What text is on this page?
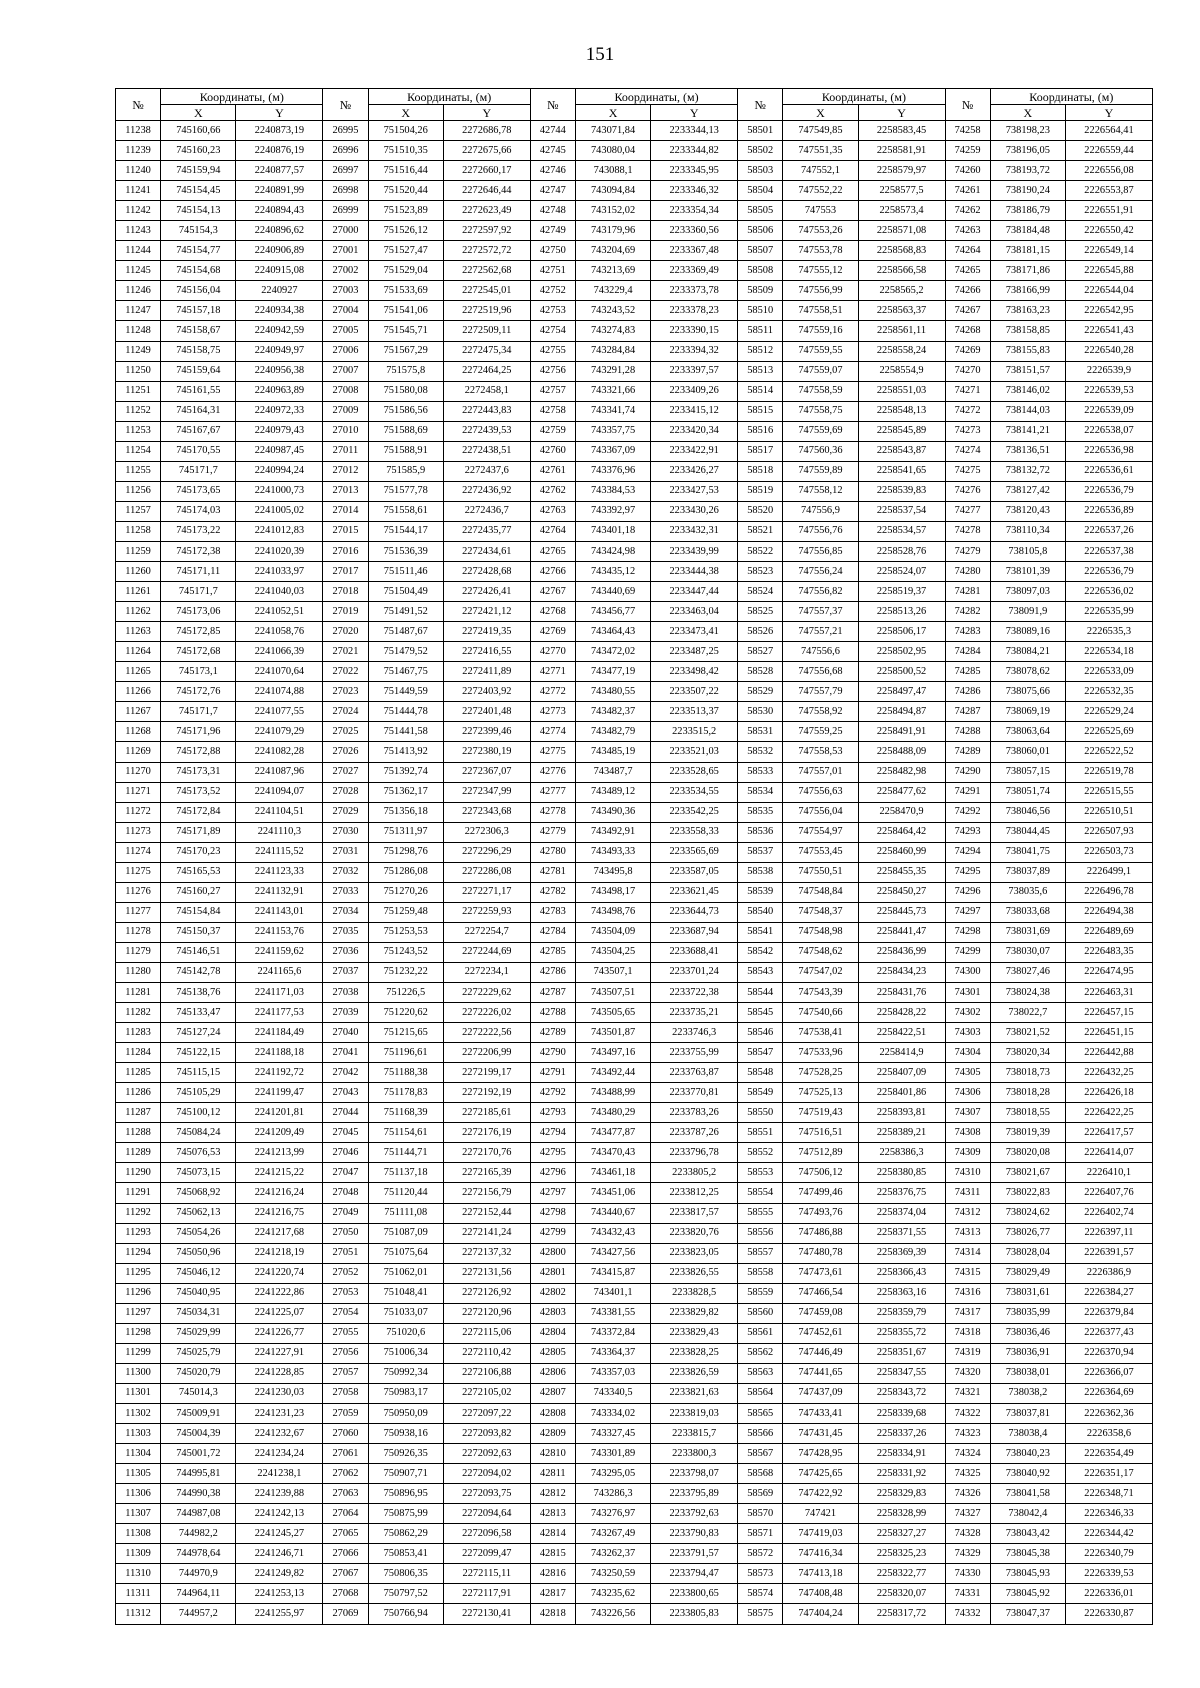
151
№	Координаты, (м)		№	Координаты, (м)		№	Координаты, (м)		№	Координаты, (м)		№	Координаты, (м)	
	X	Y		X	Y		X	Y		X	Y		X	Y
11238	745160,66	2240873,19	26995	751504,26	2272686,78	42744	743071,84	2233344,13	58501	747549,85	2258583,45	74258	738198,23	2226564,41
11239	745160,23	2240876,19	26996	751510,35	2272675,66	42745	743080,04	2233344,82	58502	747551,35	2258581,91	74259	738196,05	2226559,44
11240	745159,94	2240877,57	26997	751516,44	2272660,17	42746	743088,1	2233345,95	58503	747552,1	2258579,97	74260	738193,72	2226556,08
11241	745154,45	2240891,99	26998	751520,44	2272646,44	42747	743094,84	2233346,32	58504	747552,22	2258577,5	74261	738190,24	2226553,87
11242	745154,13	2240894,43	26999	751523,89	2272623,49	42748	743152,02	2233354,34	58505	747553	2258573,4	74262	738186,79	2226551,91
11243	745154,3	2240896,62	27000	751526,12	2272597,92	42749	743179,96	2233360,56	58506	747553,26	2258571,08	74263	738184,48	2226550,42
11244	745154,77	2240906,89	27001	751527,47	2272572,72	42750	743204,69	2233367,48	58507	747553,78	2258568,83	74264	738181,15	2226549,14
11245	745154,68	2240915,08	27002	751529,04	2272562,68	42751	743213,69	2233369,49	58508	747555,12	2258566,58	74265	738171,86	2226545,88
11246	745156,04	2240927	27003	751533,69	2272545,01	42752	743229,4	2233373,78	58509	747556,99	2258565,2	74266	738166,99	2226544,04
11247	745157,18	2240934,38	27004	751541,06	2272519,96	42753	743243,52	2233378,23	58510	747558,51	2258563,37	74267	738163,23	2226542,95
11248	745158,67	2240942,59	27005	751545,71	2272509,11	42754	743274,83	2233390,15	58511	747559,16	2258561,11	74268	738158,85	2226541,43
11249	745158,75	2240949,97	27006	751567,29	2272475,34	42755	743284,84	2233394,32	58512	747559,55	2258558,24	74269	738155,83	2226540,28
11250	745159,64	2240956,38	27007	751575,8	2272464,25	42756	743291,28	2233397,57	58513	747559,07	2258554,9	74270	738151,57	2226539,9
11251	745161,55	2240963,89	27008	751580,08	2272458,1	42757	743321,66	2233409,26	58514	747558,59	2258551,03	74271	738146,02	2226539,53
11252	745164,31	2240972,33	27009	751586,56	2272443,83	42758	743341,74	2233415,12	58515	747558,75	2258548,13	74272	738144,03	2226539,09
11253	745167,67	2240979,43	27010	751588,69	2272439,53	42759	743357,75	2233420,34	58516	747559,69	2258545,89	74273	738141,21	2226538,07
11254	745170,55	2240987,45	27011	751588,91	2272438,51	42760	743367,09	2233422,91	58517	747560,36	2258543,87	74274	738136,51	2226536,98
11255	745171,7	2240994,24	27012	751585,9	2272437,6	42761	743376,96	2233426,27	58518	747559,89	2258541,65	74275	738132,72	2226536,61
11256	745173,65	2241000,73	27013	751577,78	2272436,92	42762	743384,53	2233427,53	58519	747558,12	2258539,83	74276	738127,42	2226536,79
11257	745174,03	2241005,02	27014	751558,61	2272436,7	42763	743392,97	2233430,26	58520	747556,9	2258537,54	74277	738120,43	2226536,89
11258	745173,22	2241012,83	27015	751544,17	2272435,77	42764	743401,18	2233432,31	58521	747556,76	2258534,57	74278	738110,34	2226537,26
11259	745172,38	2241020,39	27016	751536,39	2272434,61	42765	743424,98	2233439,99	58522	747556,85	2258528,76	74279	738105,8	2226537,38
11260	745171,11	2241033,97	27017	751511,46	2272428,68	42766	743435,12	2233444,38	58523	747556,24	2258524,07	74280	738101,39	2226536,79
11261	745171,7	2241040,03	27018	751504,49	2272426,41	42767	743440,69	2233447,44	58524	747556,82	2258519,37	74281	738097,03	2226536,02
11262	745173,06	2241052,51	27019	751491,52	2272421,12	42768	743456,77	2233463,04	58525	747557,37	2258513,26	74282	738091,9	2226535,99
11263	745172,85	2241058,76	27020	751487,67	2272419,35	42769	743464,43	2233473,41	58526	747557,21	2258506,17	74283	738089,16	2226535,3
11264	745172,68	2241066,39	27021	751479,52	2272416,55	42770	743472,02	2233487,25	58527	747556,6	2258502,95	74284	738084,21	2226534,18
11265	745173,1	2241070,64	27022	751467,75	2272411,89	42771	743477,19	2233498,42	58528	747556,68	2258500,52	74285	738078,62	2226533,09
11266	745172,76	2241074,88	27023	751449,59	2272403,92	42772	743480,55	2233507,22	58529	747557,79	2258497,47	74286	738075,66	2226532,35
11267	745171,7	2241077,55	27024	751444,78	2272401,48	42773	743482,37	2233513,37	58530	747558,92	2258494,87	74287	738069,19	2226529,24
11268	745171,96	2241079,29	27025	751441,58	2272399,46	42774	743482,79	2233515,2	58531	747559,25	2258491,91	74288	738063,64	2226525,69
11269	745172,88	2241082,28	27026	751413,92	2272380,19	42775	743485,19	2233521,03	58532	747558,53	2258488,09	74289	738060,01	2226522,52
11270	745173,31	2241087,96	27027	751392,74	2272367,07	42776	743487,7	2233528,65	58533	747557,01	2258482,98	74290	738057,15	2226519,78
11271	745173,52	2241094,07	27028	751362,17	2272347,99	42777	743489,12	2233534,55	58534	747556,63	2258477,62	74291	738051,74	2226515,55
11272	745172,84	2241104,51	27029	751356,18	2272343,68	42778	743490,36	2233542,25	58535	747556,04	2258470,9	74292	738046,56	2226510,51
11273	745171,89	2241110,3	27030	751311,97	2272306,3	42779	743492,91	2233558,33	58536	747554,97	2258464,42	74293	738044,45	2226507,93
11274	745170,23	2241115,52	27031	751298,76	2272296,29	42780	743493,33	2233565,69	58537	747553,45	2258460,99	74294	738041,75	2226503,73
11275	745165,53	2241123,33	27032	751286,08	2272286,08	42781	743495,8	2233587,05	58538	747550,51	2258455,35	74295	738037,89	2226499,1
11276	745160,27	2241132,91	27033	751270,26	2272271,17	42782	743498,17	2233621,45	58539	747548,84	2258450,27	74296	738035,6	2226496,78
11277	745154,84	2241143,01	27034	751259,48	2272259,93	42783	743498,76	2233644,73	58540	747548,37	2258445,73	74297	738033,68	2226494,38
11278	745150,37	2241153,76	27035	751253,53	2272254,7	42784	743504,09	2233687,94	58541	747548,98	2258441,47	74298	738031,69	2226489,69
11279	745146,51	2241159,62	27036	751243,52	2272244,69	42785	743504,25	2233688,41	58542	747548,62	2258436,99	74299	738030,07	2226483,35
11280	745142,78	2241165,6	27037	751232,22	2272234,1	42786	743507,1	2233701,24	58543	747547,02	2258434,23	74300	738027,46	2226474,95
11281	745138,76	2241171,03	27038	751226,5	2272229,62	42787	743507,51	2233722,38	58544	747543,39	2258431,76	74301	738024,38	2226463,31
11282	745133,47	2241177,53	27039	751220,62	2272226,02	42788	743505,65	2233735,21	58545	747540,66	2258428,22	74302	738022,7	2226457,15
11283	745127,24	2241184,49	27040	751215,65	2272222,56	42789	743501,87	2233746,3	58546	747538,41	2258422,51	74303	738021,52	2226451,15
11284	745122,15	2241188,18	27041	751196,61	2272206,99	42790	743497,16	2233755,99	58547	747533,96	2258414,9	74304	738020,34	2226442,88
11285	745115,15	2241192,72	27042	751188,38	2272199,17	42791	743492,44	2233763,87	58548	747528,25	2258407,09	74305	738018,73	2226432,25
11286	745105,29	2241199,47	27043	751178,83	2272192,19	42792	743488,99	2233770,81	58549	747525,13	2258401,86	74306	738018,28	2226426,18
11287	745100,12	2241201,81	27044	751168,39	2272185,61	42793	743480,29	2233783,26	58550	747519,43	2258393,81	74307	738018,55	2226422,25
11288	745084,24	2241209,49	27045	751154,61	2272176,19	42794	743477,87	2233787,26	58551	747516,51	2258389,21	74308	738019,39	2226417,57
11289	745076,53	2241213,99	27046	751144,71	2272170,76	42795	743470,43	2233796,78	58552	747512,89	2258386,3	74309	738020,08	2226414,07
11290	745073,15	2241215,22	27047	751137,18	2272165,39	42796	743461,18	2233805,2	58553	747506,12	2258380,85	74310	738021,67	2226410,1
11291	745068,92	2241216,24	27048	751120,44	2272156,79	42797	743451,06	2233812,25	58554	747499,46	2258376,75	74311	738022,83	2226407,76
11292	745062,13	2241216,75	27049	751111,08	2272152,44	42798	743440,67	2233817,57	58555	747493,76	2258374,04	74312	738024,62	2226402,74
11293	745054,26	2241217,68	27050	751087,09	2272141,24	42799	743432,43	2233820,76	58556	747486,88	2258371,55	74313	738026,77	2226397,11
11294	745050,96	2241218,19	27051	751075,64	2272137,32	42800	743427,56	2233823,05	58557	747480,78	2258369,39	74314	738028,04	2226391,57
11295	745046,12	2241220,74	27052	751062,01	2272131,56	42801	743415,87	2233826,55	58558	747473,61	2258366,43	74315	738029,49	2226386,9
11296	745040,95	2241222,86	27053	751048,41	2272126,92	42802	743401,1	2233828,5	58559	747466,54	2258363,16	74316	738031,61	2226384,27
11297	745034,31	2241225,07	27054	751033,07	2272120,96	42803	743381,55	2233829,82	58560	747459,08	2258359,79	74317	738035,99	2226379,84
11298	745029,99	2241226,77	27055	751020,6	2272115,06	42804	743372,84	2233829,43	58561	747452,61	2258355,72	74318	738036,46	2226377,43
11299	745025,79	2241227,91	27056	751006,34	2272110,42	42805	743364,37	2233828,25	58562	747446,49	2258351,67	74319	738036,91	2226370,94
11300	745020,79	2241228,85	27057	750992,34	2272106,88	42806	743357,03	2233826,59	58563	747441,65	2258347,55	74320	738038,01	2226366,07
11301	745014,3	2241230,03	27058	750983,17	2272105,02	42807	743340,5	2233821,63	58564	747437,09	2258343,72	74321	738038,2	2226364,69
11302	745009,91	2241231,23	27059	750950,09	2272097,22	42808	743334,02	2233819,03	58565	747433,41	2258339,68	74322	738037,81	2226362,36
11303	745004,39	2241232,67	27060	750938,16	2272093,82	42809	743327,45	2233815,7	58566	747431,45	2258337,26	74323	738038,4	2226358,6
11304	745001,72	2241234,24	27061	750926,35	2272092,63	42810	743301,89	2233800,3	58567	747428,95	2258334,91	74324	738040,23	2226354,49
11305	744995,81	2241238,1	27062	750907,71	2272094,02	42811	743295,05	2233798,07	58568	747425,65	2258331,92	74325	738040,92	2226351,17
11306	744990,38	2241239,88	27063	750896,95	2272093,75	42812	743286,3	2233795,89	58569	747422,92	2258329,83	74326	738041,58	2226348,71
11307	744987,08	2241242,13	27064	750875,99	2272094,64	42813	743276,97	2233792,63	58570	747421	2258328,99	74327	738042,4	2226346,33
11308	744982,2	2241245,27	27065	750862,29	2272096,58	42814	743267,49	2233790,83	58571	747419,03	2258327,27	74328	738043,42	2226344,42
11309	744978,64	2241246,71	27066	750853,41	2272099,47	42815	743262,37	2233791,57	58572	747416,34	2258325,23	74329	738045,38	2226340,79
11310	744970,9	2241249,82	27067	750806,35	2272115,11	42816	743250,59	2233794,47	58573	747413,18	2258322,77	74330	738045,93	2226339,53
11311	744964,11	2241253,13	27068	750797,52	2272117,91	42817	743235,62	2233800,65	58574	747408,48	2258320,07	74331	738045,92	2226336,01
11312	744957,2	2241255,97	27069	750766,94	2272130,41	42818	743226,56	2233805,83	58575	747404,24	2258317,72	74332	738047,37	2226330,87
